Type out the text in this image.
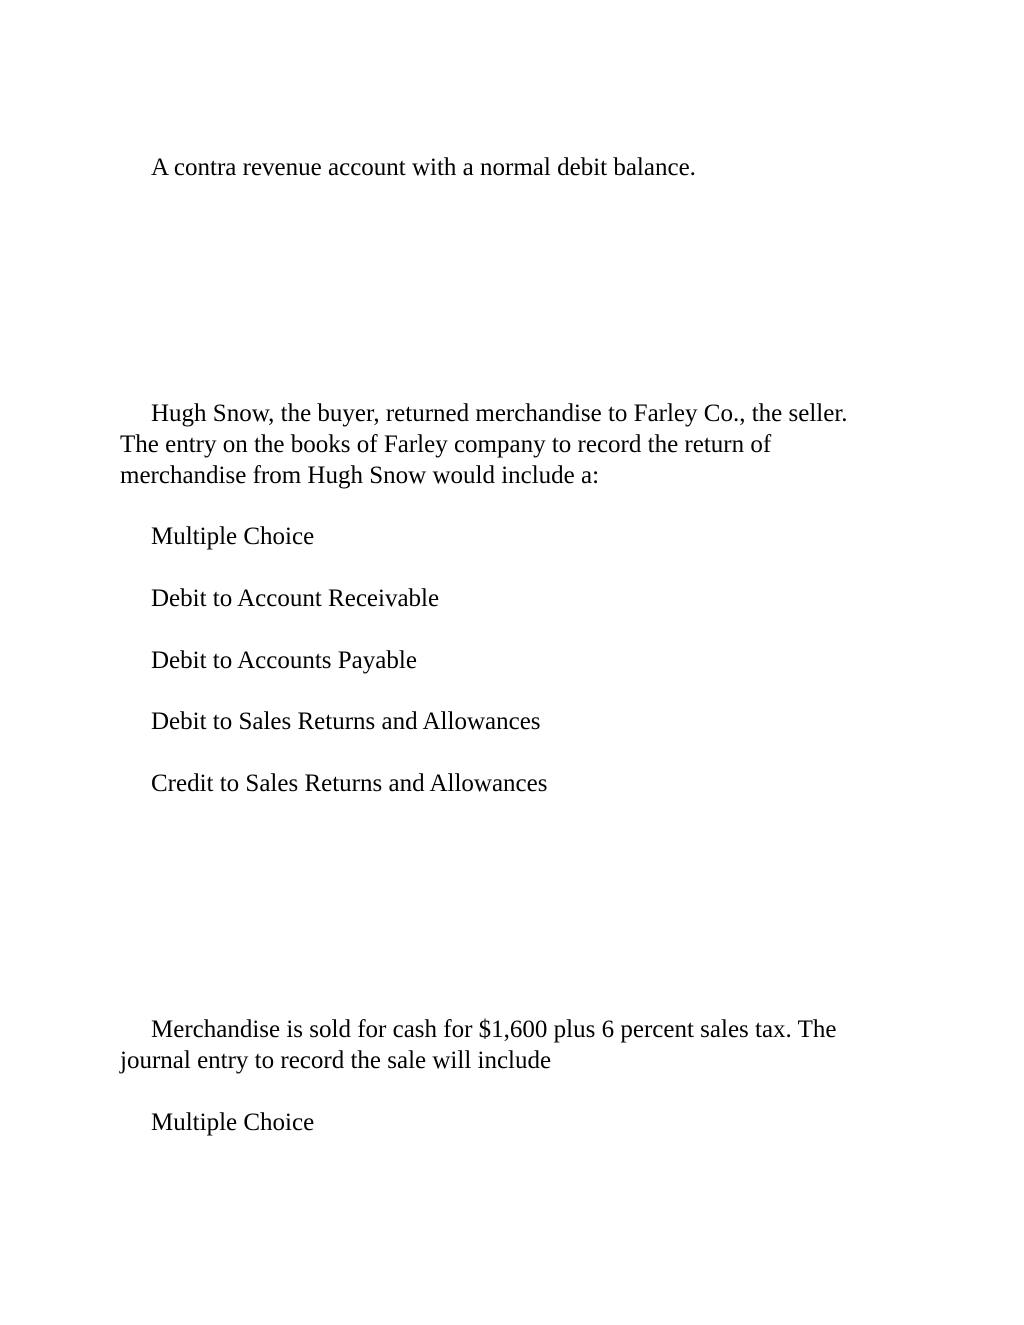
A contra revenue account with a normal debit balance.

Hugh Snow, the buyer, returned merchandise to Farley Co., the seller.

The entry on the books of Farley company to record the return of

merchandise from Hugh Snow would include a:

Multiple Choice

Debit to Account Receivable

Debit to Accounts Payable

Debit to Sales Returns and Allowances

Credit to Sales Returns and Allowances

Merchandise is sold for cash for $1,600 plus 6 percent sales tax. The

journal entry to record the sale will include

Multiple Choice
